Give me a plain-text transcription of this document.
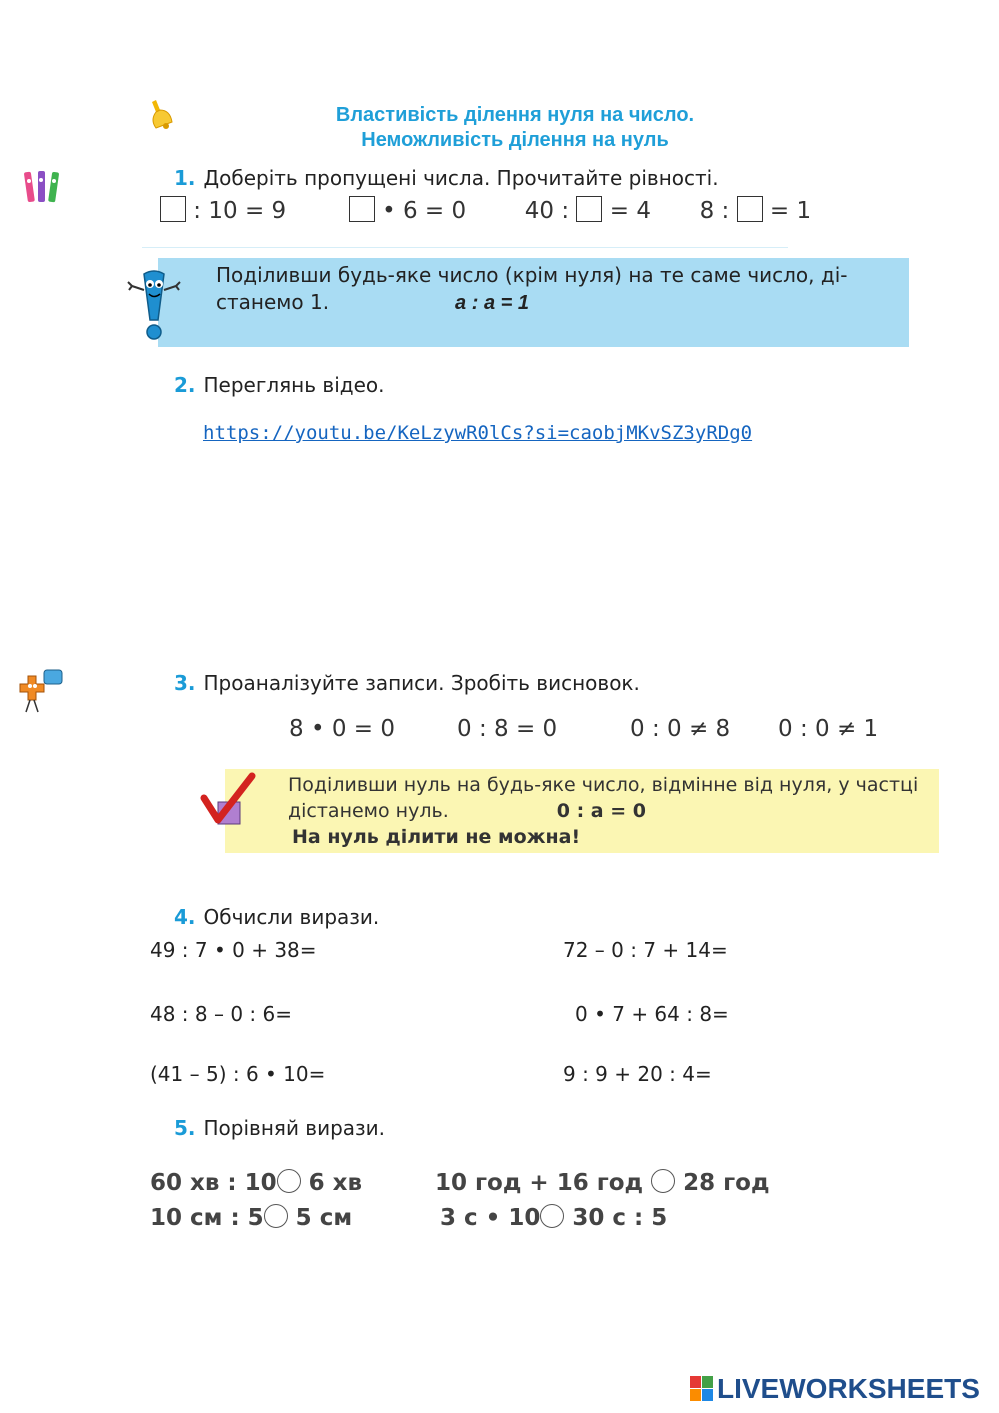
Властивість ділення нуля на число.
Неможливість ділення на нуль
1. Доберіть пропущені числа. Прочитайте рівності.
: 10 = 9	• 6 = 0	40 :  = 4 8 :  = 1
Поділивши будь-яке число (крім нуля) на те саме число, ді-
станемо 1.	a : a = 1
2. Переглянь відео.
https://youtu.be/KeLzywR0lCs?si=caobjMKvSZ3yRDg0
3. Проаналізуйте записи. Зробіть висновок.
8 • 0 = 0	0 : 8 = 0	0 : 0 ≠ 8 0 : 0 ≠ 1
Поділивши нуль на будь-яке число, відмінне від нуля, у частці
дістанемо нуль.	0 : a = 0
На нуль ділити не можна!
4. Обчисли вирази.
49 : 7 • 0 + 38=	72 – 0 : 7 + 14=
48 : 8 – 0 : 6=	0 • 7 + 64 : 8=
(41 – 5) : 6 • 10=	9 : 9 + 20 : 4=
5. Порівняй вирази.
60 хв : 10 6 хв	10 год + 16 год  28 год
10 см : 5 5 см	3 с • 10 30 с : 5
LIVEWORKSHEETS
